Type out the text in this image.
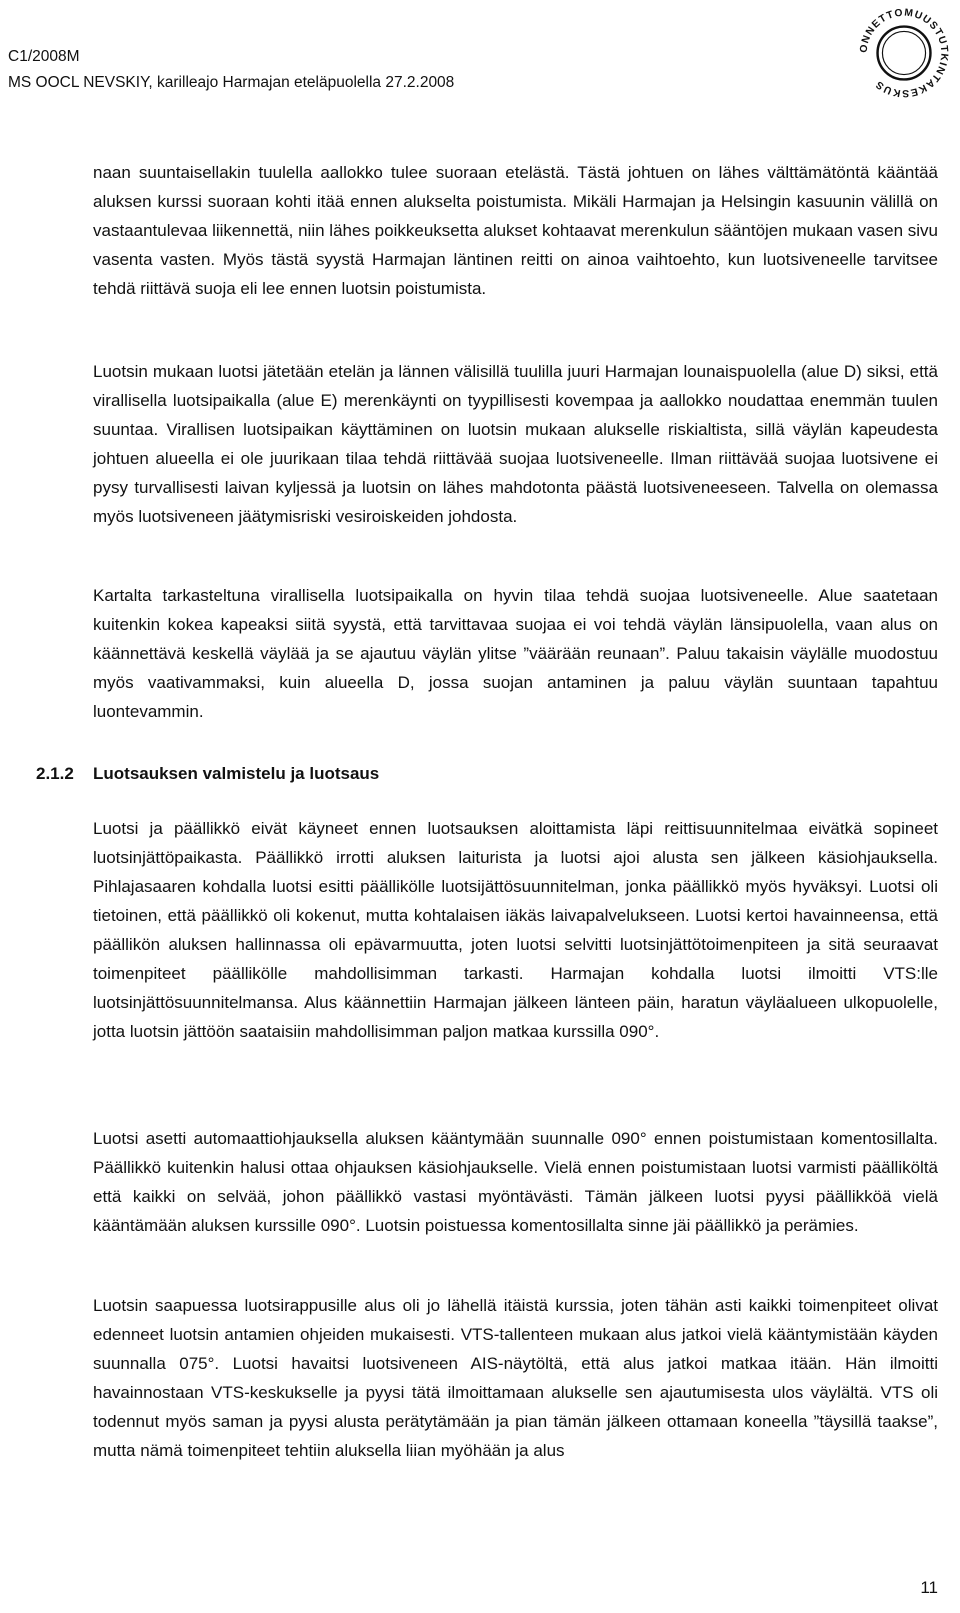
C1/2008M
MS OOCL NEVSKIY, karilleajo Harmajan eteläpuolella 27.2.2008
ONNETTOMUUSTUTKINTAKESKUS

naan suuntaisellakin tuulella aallokko tulee suoraan etelästä. Tästä johtuen on lähes välttämätöntä kääntää aluksen kurssi suoraan kohti itää ennen alukselta poistumista. Mikäli Harmajan ja Helsingin kasuunin välillä on vastaantulevaa liikennettä, niin lähes poikkeuksetta alukset kohtaavat merenkulun sääntöjen mukaan vasen sivu vasenta vasten. Myös tästä syystä Harmajan läntinen reitti on ainoa vaihtoehto, kun luotsiveneelle tarvitsee tehdä riittävä suoja eli lee ennen luotsin poistumista.

Luotsin mukaan luotsi jätetään etelän ja lännen välisillä tuulilla juuri Harmajan lounaispuolella (alue D) siksi, että virallisella luotsipaikalla (alue E) merenkäynti on tyypillisesti kovempaa ja aallokko noudattaa enemmän tuulen suuntaa. Virallisen luotsipaikan käyttäminen on luotsin mukaan alukselle riskialtista, sillä väylän kapeudesta johtuen alueella ei ole juurikaan tilaa tehdä riittävää suojaa luotsiveneelle. Ilman riittävää suojaa luotsivene ei pysy turvallisesti laivan kyljessä ja luotsin on lähes mahdotonta päästä luotsiveneeseen. Talvella on olemassa myös luotsiveneen jäätymisriski vesiroiskeiden johdosta.

Kartalta tarkasteltuna virallisella luotsipaikalla on hyvin tilaa tehdä suojaa luotsiveneelle. Alue saatetaan kuitenkin kokea kapeaksi siitä syystä, että tarvittavaa suojaa ei voi tehdä väylän länsipuolella, vaan alus on käännettävä keskellä väylää ja se ajautuu väylän ylitse ”väärään reunaan”. Paluu takaisin väylälle muodostuu myös vaativammaksi, kuin alueella D, jossa suojan antaminen ja paluu väylän suuntaan tapahtuu luontevammin.

2.1.2 Luotsauksen valmistelu ja luotsaus

Luotsi ja päällikkö eivät käyneet ennen luotsauksen aloittamista läpi reittisuunnitelmaa eivätkä sopineet luotsinjättöpaikasta. Päällikkö irrotti aluksen laiturista ja luotsi ajoi alusta sen jälkeen käsiohjauksella. Pihlajasaaren kohdalla luotsi esitti päällikölle luotsijättösuunnitelman, jonka päällikkö myös hyväksyi. Luotsi oli tietoinen, että päällikkö oli kokenut, mutta kohtalaisen iäkäs laivapalvelukseen. Luotsi kertoi havainneensa, että päällikön aluksen hallinnassa oli epävarmuutta, joten luotsi selvitti luotsinjättötoimenpiteen ja sitä seuraavat toimenpiteet päällikölle mahdollisimman tarkasti. Harmajan kohdalla luotsi ilmoitti VTS:lle luotsinjättösuunnitelmansa. Alus käännettiin Harmajan jälkeen länteen päin, haratun väyläalueen ulkopuolelle, jotta luotsin jättöön saataisiin mahdollisimman paljon matkaa kurssilla 090°.

Luotsi asetti automaattiohjauksella aluksen kääntymään suunnalle 090° ennen poistumistaan komentosillalta. Päällikkö kuitenkin halusi ottaa ohjauksen käsiohjaukselle. Vielä ennen poistumistaan luotsi varmisti päälliköltä että kaikki on selvää, johon päällikkö vastasi myöntävästi. Tämän jälkeen luotsi pyysi päällikköä vielä kääntämään aluksen kurssille 090°. Luotsin poistuessa komentosillalta sinne jäi päällikkö ja perämies.

Luotsin saapuessa luotsirappusille alus oli jo lähellä itäistä kurssia, joten tähän asti kaikki toimenpiteet olivat edenneet luotsin antamien ohjeiden mukaisesti. VTS-tallenteen mukaan alus jatkoi vielä kääntymistään käyden suunnalla 075°. Luotsi havaitsi luotsiveneen AIS-näytöltä, että alus jatkoi matkaa itään. Hän ilmoitti havainnostaan VTS-keskukselle ja pyysi tätä ilmoittamaan alukselle sen ajautumisesta ulos väylältä. VTS oli todennut myös saman ja pyysi alusta perätytämään ja pian tämän jälkeen ottamaan koneella ”täysillä taakse”, mutta nämä toimenpiteet tehtiin aluksella liian myöhään ja alus

11
